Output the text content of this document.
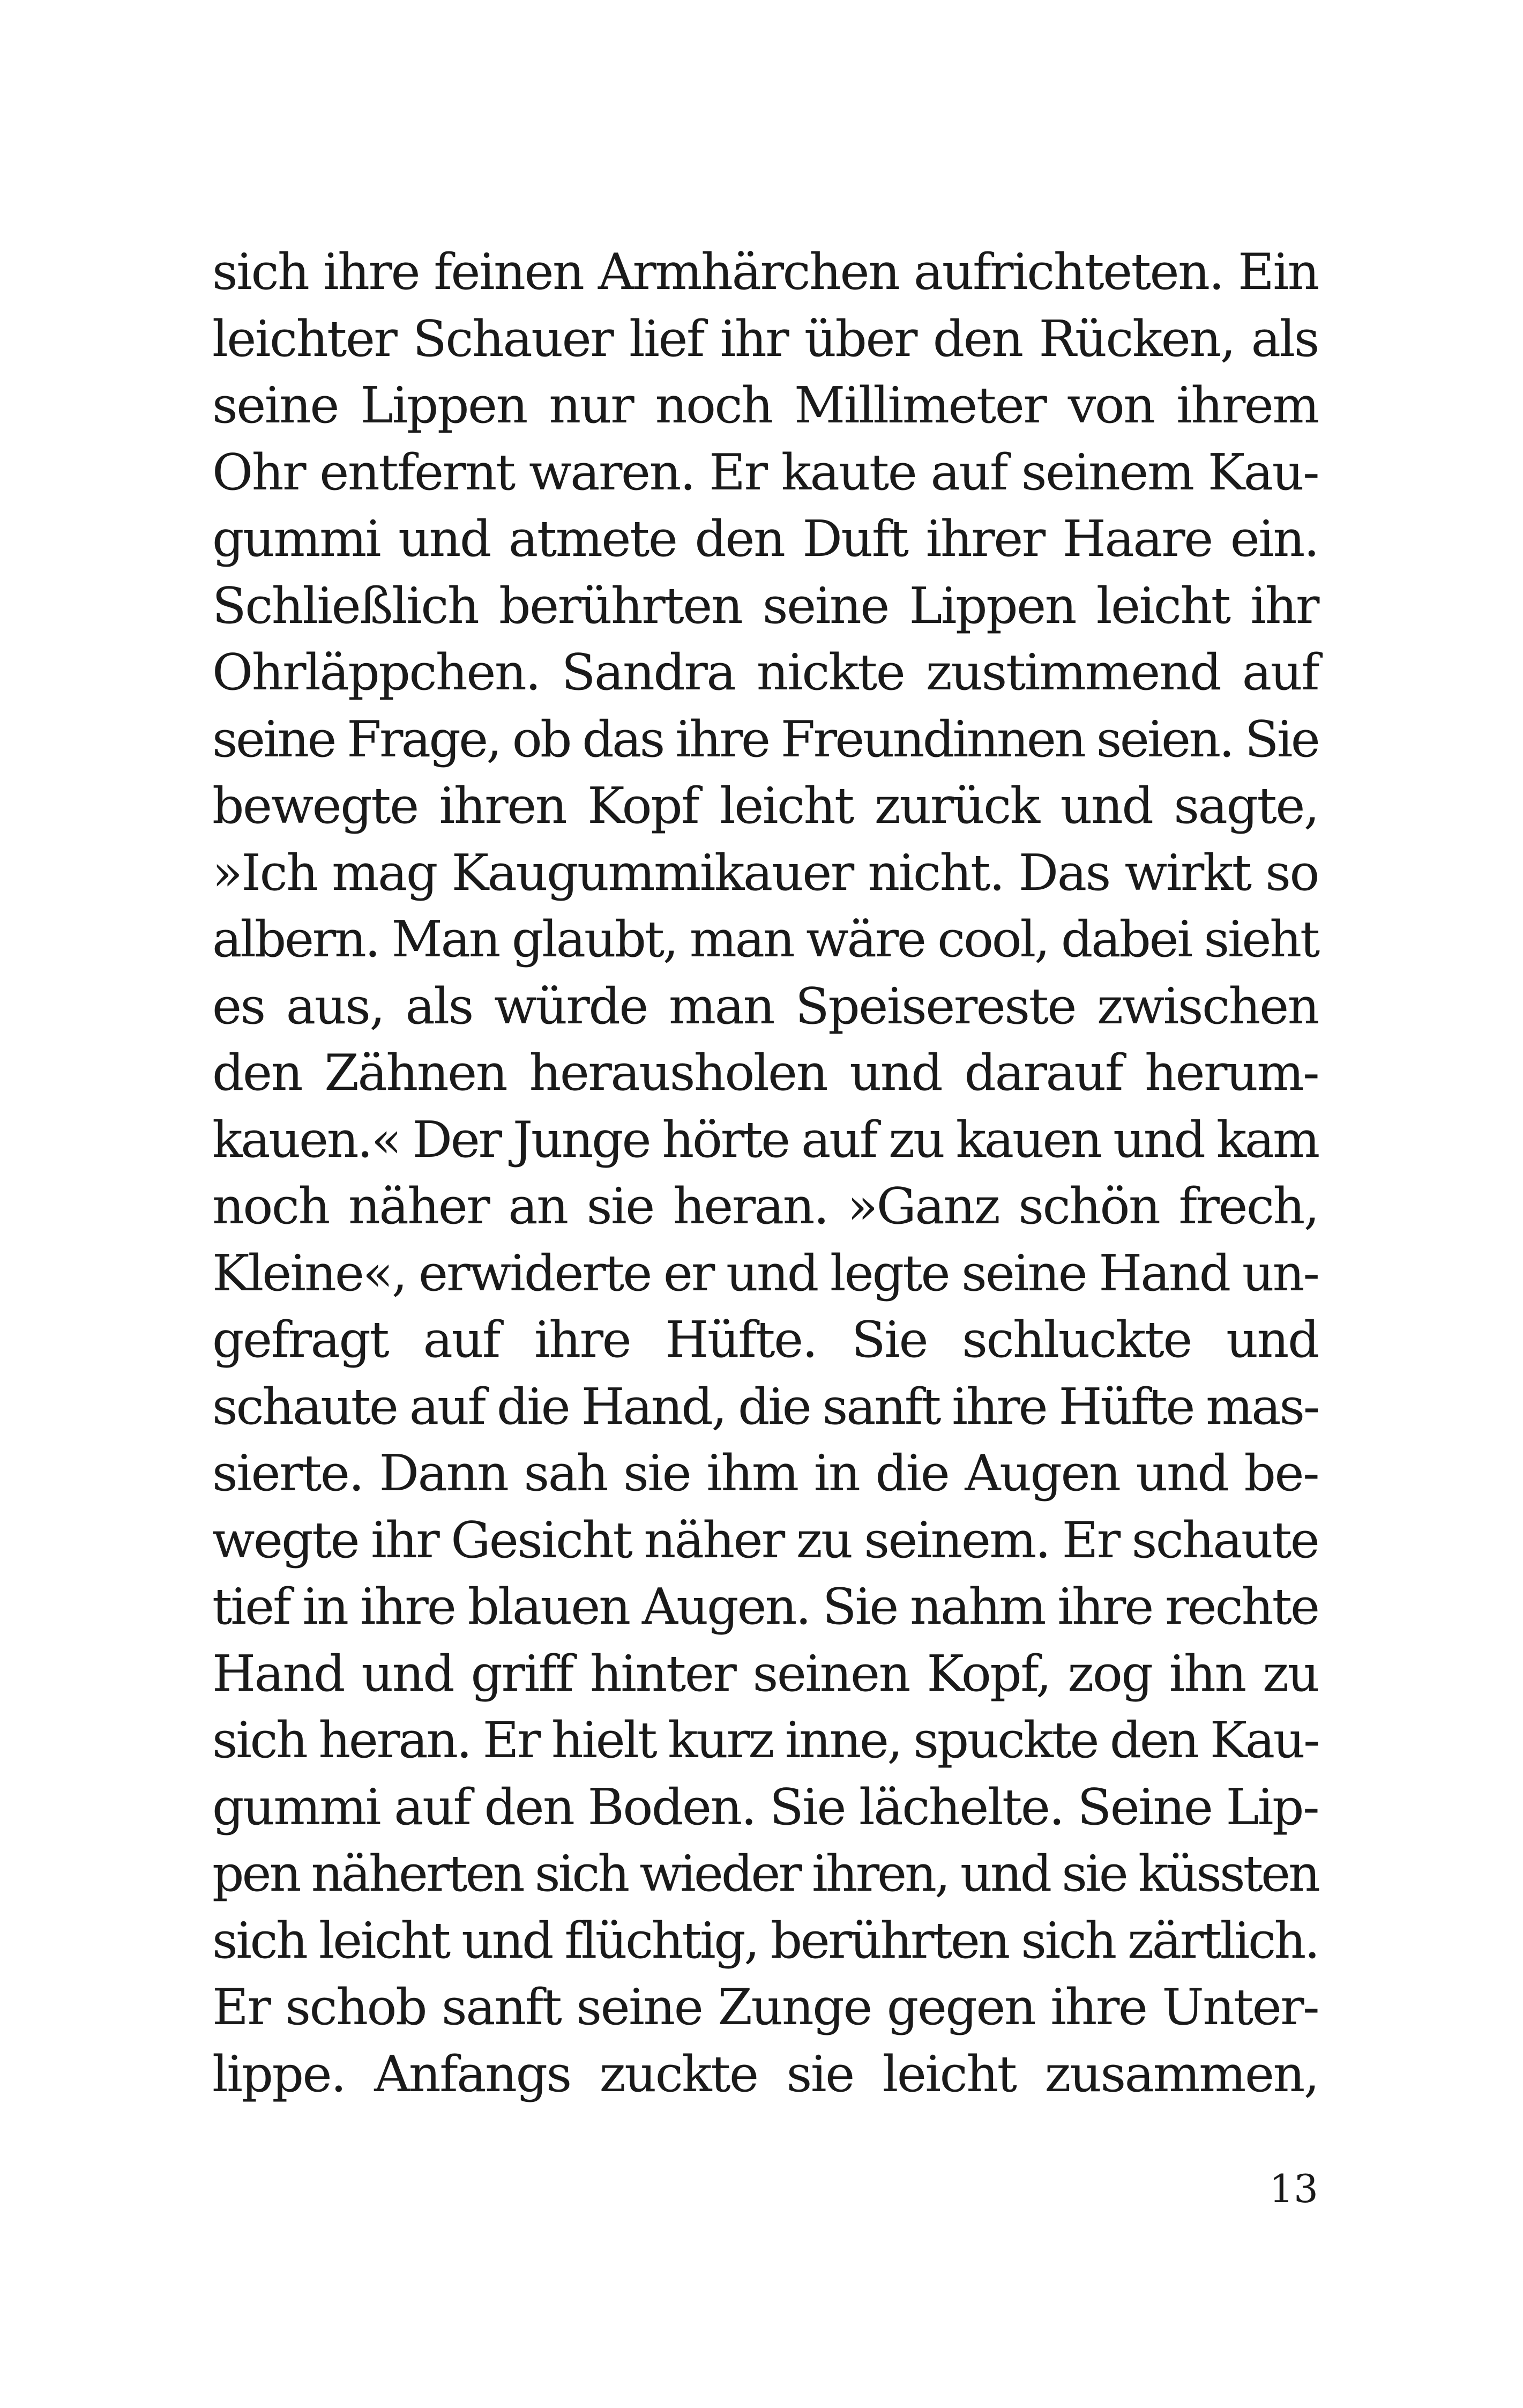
sich ihre feinen Armhärchen aufrichteten. Ein
leichter Schauer lief ihr über den Rücken, als
seine Lippen nur noch Millimeter von ihrem
Ohr entfernt waren. Er kaute auf seinem Kau-
gummi und atmete den Duft ihrer Haare ein.
Schließlich berührten seine Lippen leicht ihr
Ohrläppchen. Sandra nickte zustimmend auf
seine Frage, ob das ihre Freundinnen seien. Sie
bewegte ihren Kopf leicht zurück und sagte,
»Ich mag Kaugummikauer nicht. Das wirkt so
albern. Man glaubt, man wäre cool, dabei sieht
es aus, als würde man Speisereste zwischen
den Zähnen herausholen und darauf herum-
kauen.« Der Junge hörte auf zu kauen und kam
noch näher an sie heran. »Ganz schön frech,
Kleine«, erwiderte er und legte seine Hand un-
gefragt auf ihre Hüfte. Sie schluckte und
schaute auf die Hand, die sanft ihre Hüfte mas-
sierte. Dann sah sie ihm in die Augen und be-
wegte ihr Gesicht näher zu seinem. Er schaute
tief in ihre blauen Augen. Sie nahm ihre rechte
Hand und griff hinter seinen Kopf, zog ihn zu
sich heran. Er hielt kurz inne, spuckte den Kau-
gummi auf den Boden. Sie lächelte. Seine Lip-
pen näherten sich wieder ihren, und sie küssten
sich leicht und flüchtig, berührten sich zärtlich.
Er schob sanft seine Zunge gegen ihre Unter-
lippe. Anfangs zuckte sie leicht zusammen,

13
